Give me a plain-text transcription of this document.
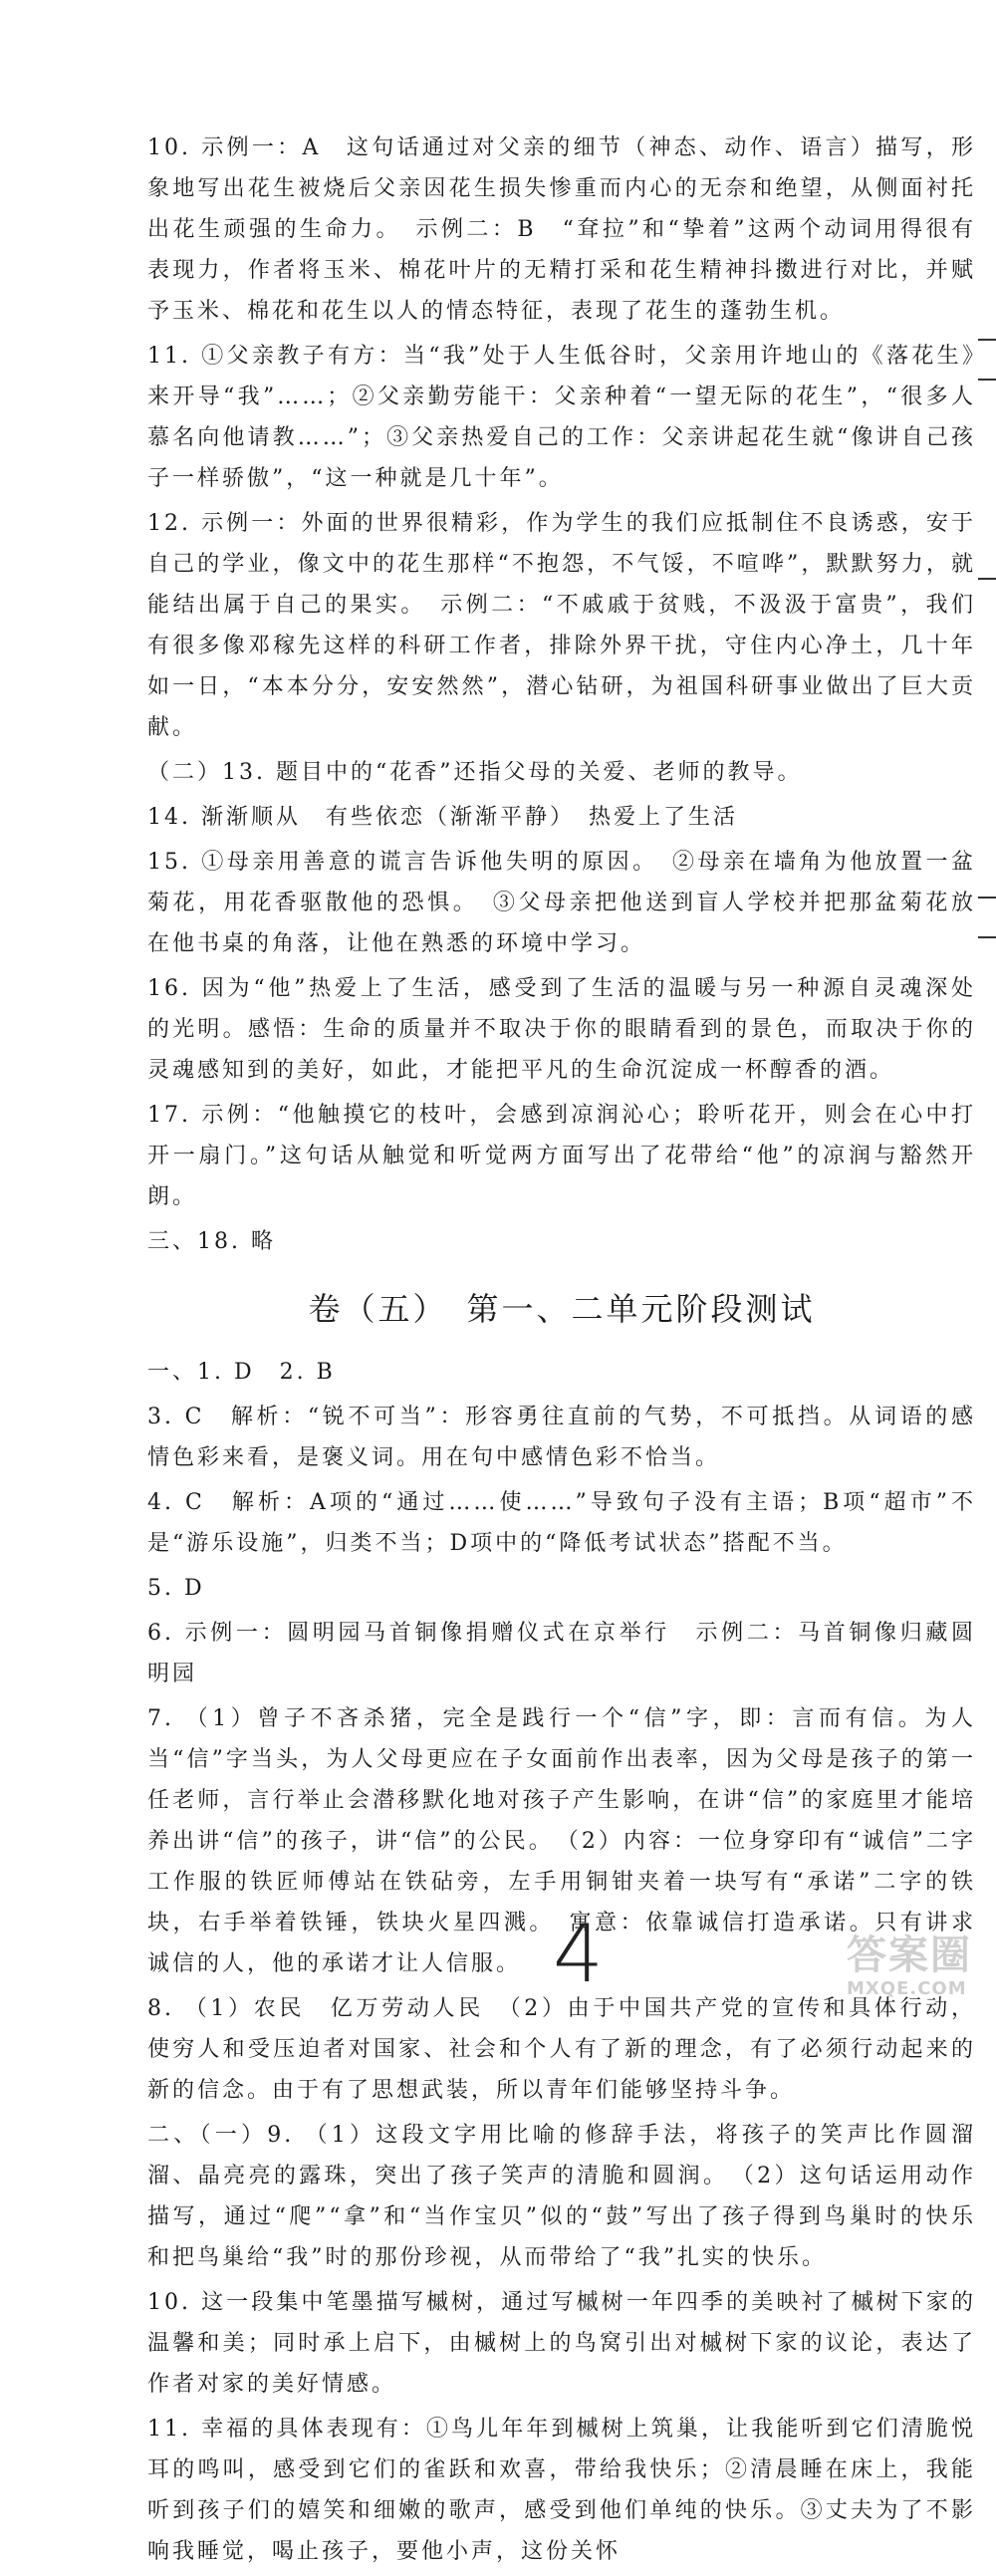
10. 示例一：A　这句话通过对父亲的细节（神态、动作、语言）描写，形象地写出花生被烧后父亲因花生损失惨重而内心的无奈和绝望，从侧面衬托出花生顽强的生命力。　示例二：B　“耷拉”和“挚着”这两个动词用得很有表现力，作者将玉米、棉花叶片的无精打采和花生精神抖擞进行对比，并赋予玉米、棉花和花生以人的情态特征，表现了花生的蓬勃生机。

11. ①父亲教子有方：当“我”处于人生低谷时，父亲用许地山的《落花生》来开导“我”……；②父亲勤劳能干：父亲种着“一望无际的花生”，“很多人慕名向他请教……”；③父亲热爱自己的工作：父亲讲起花生就“像讲自己孩子一样骄傲”，“这一种就是几十年”。

12. 示例一：外面的世界很精彩，作为学生的我们应抵制住不良诱惑，安于自己的学业，像文中的花生那样“不抱怨，不气馁，不喧哗”，默默努力，就能结出属于自己的果实。　示例二：“不戚戚于贫贱，不汲汲于富贵”，我们有很多像邓稼先这样的科研工作者，排除外界干扰，守住内心净土，几十年如一日，“本本分分，安安然然”，潜心钻研，为祖国科研事业做出了巨大贡献。

（二）13. 题目中的“花香”还指父母的关爱、老师的教导。

14. 渐渐顺从　有些依恋（渐渐平静）　热爱上了生活

15. ①母亲用善意的谎言告诉他失明的原因。　②母亲在墙角为他放置一盆菊花，用花香驱散他的恐惧。　③父母亲把他送到盲人学校并把那盆菊花放在他书桌的角落，让他在熟悉的环境中学习。

16. 因为“他”热爱上了生活，感受到了生活的温暖与另一种源自灵魂深处的光明。感悟：生命的质量并不取决于你的眼睛看到的景色，而取决于你的灵魂感知到的美好，如此，才能把平凡的生命沉淀成一杯醇香的酒。

17. 示例：“他触摸它的枝叶，会感到凉润沁心；聆听花开，则会在心中打开一扇门。”这句话从触觉和听觉两方面写出了花带给“他”的凉润与豁然开朗。

三、18. 略

卷（五）　第一、二单元阶段测试

一、1. D　2. B

3. C　解析：“锐不可当”：形容勇往直前的气势，不可抵挡。从词语的感情色彩来看，是褒义词。用在句中感情色彩不恰当。

4. C　解析：A项的“通过……使……”导致句子没有主语；B项“超市”不是“游乐设施”，归类不当；D项中的“降低考试状态”搭配不当。

5. D

6. 示例一：圆明园马首铜像捐赠仪式在京举行　示例二：马首铜像归藏圆明园

7. （1）曾子不吝杀猪，完全是践行一个“信”字，即：言而有信。为人当“信”字当头，为人父母更应在子女面前作出表率，因为父母是孩子的第一任老师，言行举止会潜移默化地对孩子产生影响，在讲“信”的家庭里才能培养出讲“信”的孩子，讲“信”的公民。　（2）内容：一位身穿印有“诚信”二字工作服的铁匠师傅站在铁砧旁，左手用铜钳夹着一块写有“承诺”二字的铁块，右手举着铁锤，铁块火星四溅。　寓意：依靠诚信打造承诺。只有讲求诚信的人，他的承诺才让人信服。

8. （1）农民　亿万劳动人民　（2）由于中国共产党的宣传和具体行动，使穷人和受压迫者对国家、社会和个人有了新的理念，有了必须行动起来的新的信念。由于有了思想武装，所以青年们能够坚持斗争。

二、（一）9. （1）这段文字用比喻的修辞手法，将孩子的笑声比作圆溜溜、晶亮亮的露珠，突出了孩子笑声的清脆和圆润。　（2）这句话运用动作描写，通过“爬”“拿”和“当作宝贝”似的“鼓”写出了孩子得到鸟巢时的快乐和把鸟巢给“我”时的那份珍视，从而带给了“我”扎实的快乐。

10. 这一段集中笔墨描写槭树，通过写槭树一年四季的美映衬了槭树下家的温馨和美；同时承上启下，由槭树上的鸟窝引出对槭树下家的议论，表达了作者对家的美好情感。

11. 幸福的具体表现有：①鸟儿年年到槭树上筑巢，让我能听到它们清脆悦耳的鸣叫，感受到它们的雀跃和欢喜，带给我快乐；②清晨睡在床上，我能听到孩子们的嬉笑和细嫩的歌声，感受到他们单纯的快乐。③丈夫为了不影响我睡觉，喝止孩子，要他小声，这份关怀

4	答案圈
MXQE.COM
